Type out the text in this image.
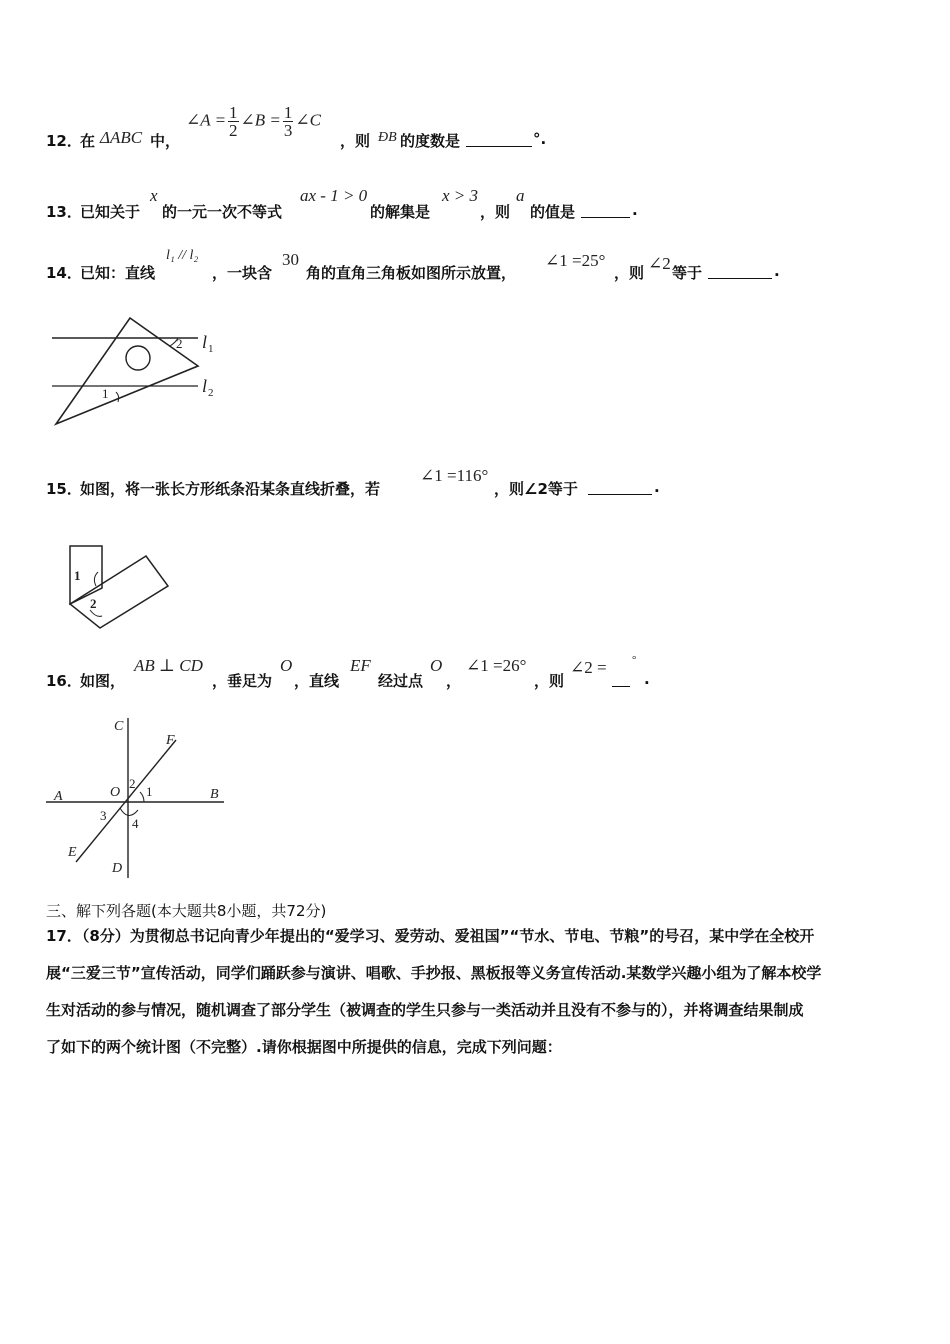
12．
在 ΔABC 中，
∠A = $\frac{1}{2}$ ∠B = $\frac{1}{3}$ ∠C
，则 ÐB 的度数是	°.
13．
已知关于
x
的一元一次不等式
ax - 1 > 0
的解集是
x > 3
，则
a
的值是	.
14．
已知：直线
l₁ // l₂
，一块含
30
角的直角三角板如图所示放置，
∠1 =25°
，则 ∠2 等于	.
l 1
l 2
1
2
15．
如图，将一张长方形纸条沿某条直线折叠，若
∠1 =116°
，则∠2等于	.
1
2
16．
如图，
AB ⊥ CD
，垂足为
O
，直线
EF
经过点
O
，
∠1 =26°
，则
∠2 = °
.
C
F
A	O
2
1	B
3
4
E
D
三、解下列各题(本大题共8小题，共72分)
17．（8分）为贯彻总书记向青少年提出的“爱学习、爱劳动、爱祖国”“节水、节电、节粮”的号召，某中学在全校开
展“三爱三节”宣传活动，同学们踊跃参与演讲、唱歌、手抄报、黑板报等义务宣传活动.某数学兴趣小组为了解本校学
生对活动的参与情况，随机调查了部分学生（被调查的学生只参与一类活动并且没有不参与的），并将调查结果制成
了如下的两个统计图（不完整）.请你根据图中所提供的信息，完成下列问题：
